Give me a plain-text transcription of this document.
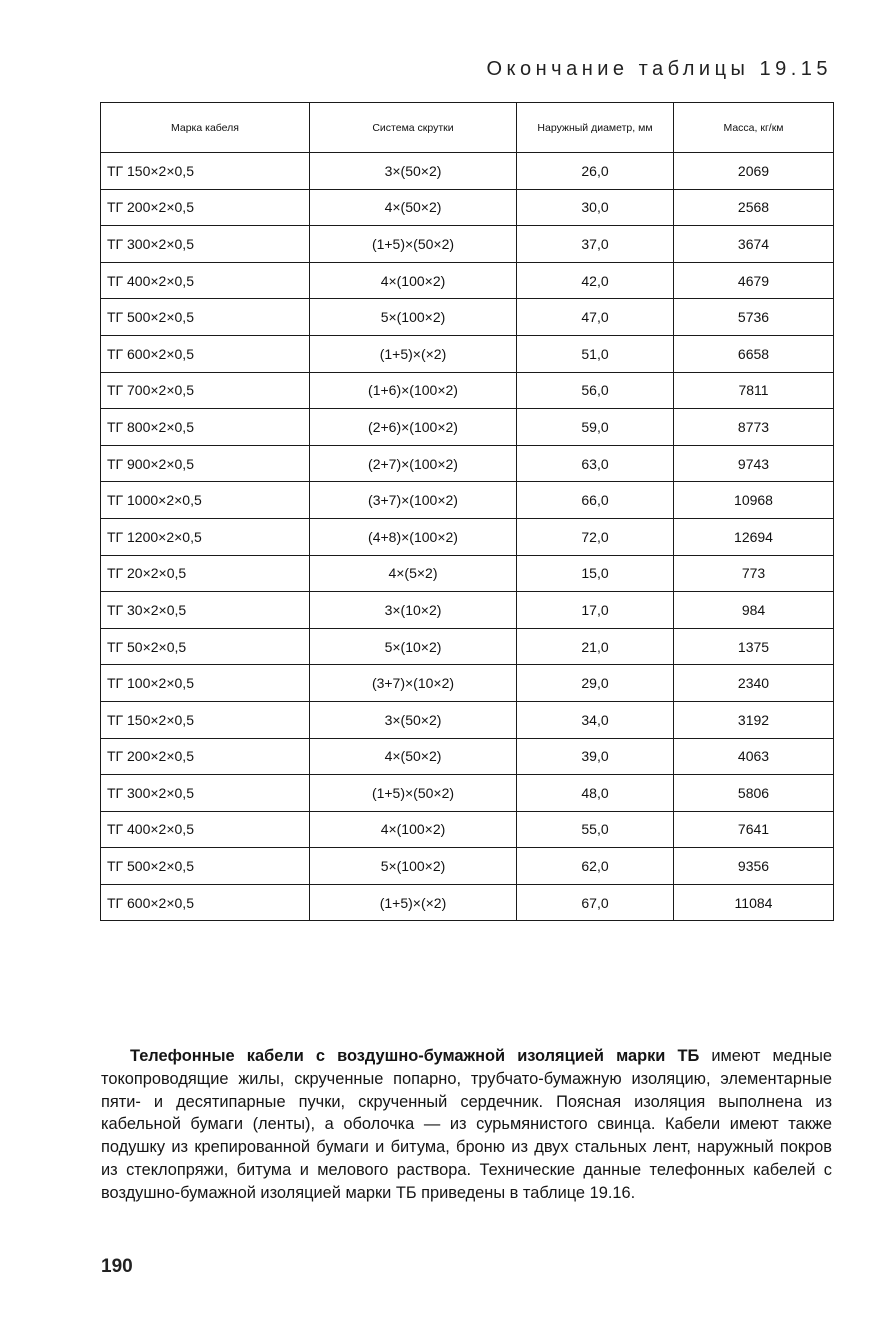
Окончание таблицы 19.15
Марка кабеля	Система скрутки	Наружный диаметр, мм	Масса, кг/км
ТГ 150×2×0,5	3×(50×2)	26,0	2069
ТГ 200×2×0,5	4×(50×2)	30,0	2568
ТГ 300×2×0,5	(1+5)×(50×2)	37,0	3674
ТГ 400×2×0,5	4×(100×2)	42,0	4679
ТГ 500×2×0,5	5×(100×2)	47,0	5736
ТГ 600×2×0,5	(1+5)×(×2)	51,0	6658
ТГ 700×2×0,5	(1+6)×(100×2)	56,0	7811
ТГ 800×2×0,5	(2+6)×(100×2)	59,0	8773
ТГ 900×2×0,5	(2+7)×(100×2)	63,0	9743
ТГ 1000×2×0,5	(3+7)×(100×2)	66,0	10968
ТГ 1200×2×0,5	(4+8)×(100×2)	72,0	12694
ТГ 20×2×0,5	4×(5×2)	15,0	773
ТГ 30×2×0,5	3×(10×2)	17,0	984
ТГ 50×2×0,5	5×(10×2)	21,0	1375
ТГ 100×2×0,5	(3+7)×(10×2)	29,0	2340
ТГ 150×2×0,5	3×(50×2)	34,0	3192
ТГ 200×2×0,5	4×(50×2)	39,0	4063
ТГ 300×2×0,5	(1+5)×(50×2)	48,0	5806
ТГ 400×2×0,5	4×(100×2)	55,0	7641
ТГ 500×2×0,5	5×(100×2)	62,0	9356
ТГ 600×2×0,5	(1+5)×(×2)	67,0	11084
Телефонные кабели с воздушно-бумажной изоляцией марки ТБ имеют медные токопроводящие жилы, скрученные попарно, трубчато-бумажную изоляцию, элементарные пяти- и десятипарные пучки, скрученный сердечник. Поясная изоляция выполнена из кабельной бумаги (ленты), а оболочка — из сурьмянистого свинца. Кабели имеют также подушку из крепированной бумаги и битума, броню из двух стальных лент, наружный покров из стеклопряжи, битума и мелового раствора. Технические данные телефонных кабелей с воздушно-бумажной изоляцией марки ТБ приведены в таблице 19.16.
190
